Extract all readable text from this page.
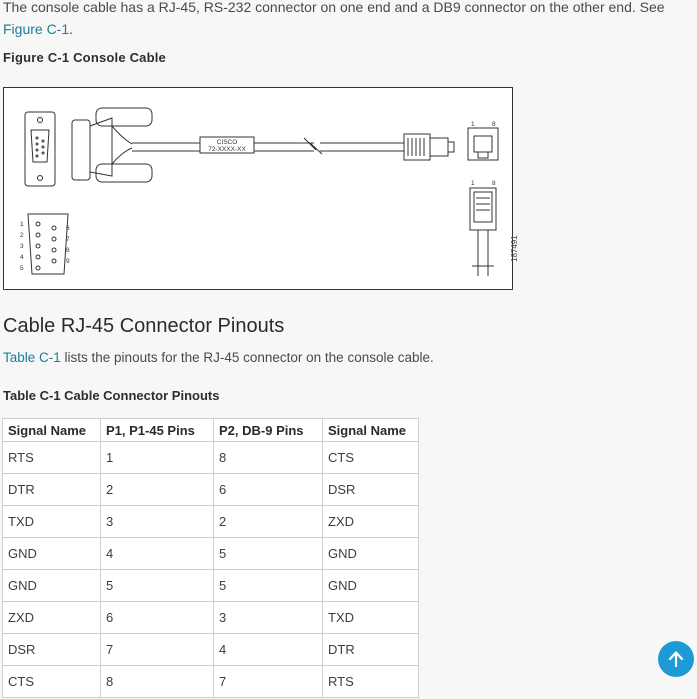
The console cable has a RJ-45, RS-232 connector on one end and a DB9 connector on the other end. See Figure C-1.
Figure C-1 Console Cable
CISCO
72-XXXX-XX
1	8
1	8
1
2
3
4
5
6
7
8
9	187491
Cable RJ-45 Connector Pinouts
Table C-1 lists the pinouts for the RJ-45 connector on the console cable.
Table C-1 Cable Connector Pinouts
Signal Name	P1, P1-45 Pins	P2, DB-9 Pins	Signal Name
RTS	1	8	CTS
DTR	2	6	DSR
TXD	3	2	ZXD
GND	4	5	GND
GND	5	5	GND
ZXD	6	3	TXD
DSR	7	4	DTR
CTS	8	7	RTS
